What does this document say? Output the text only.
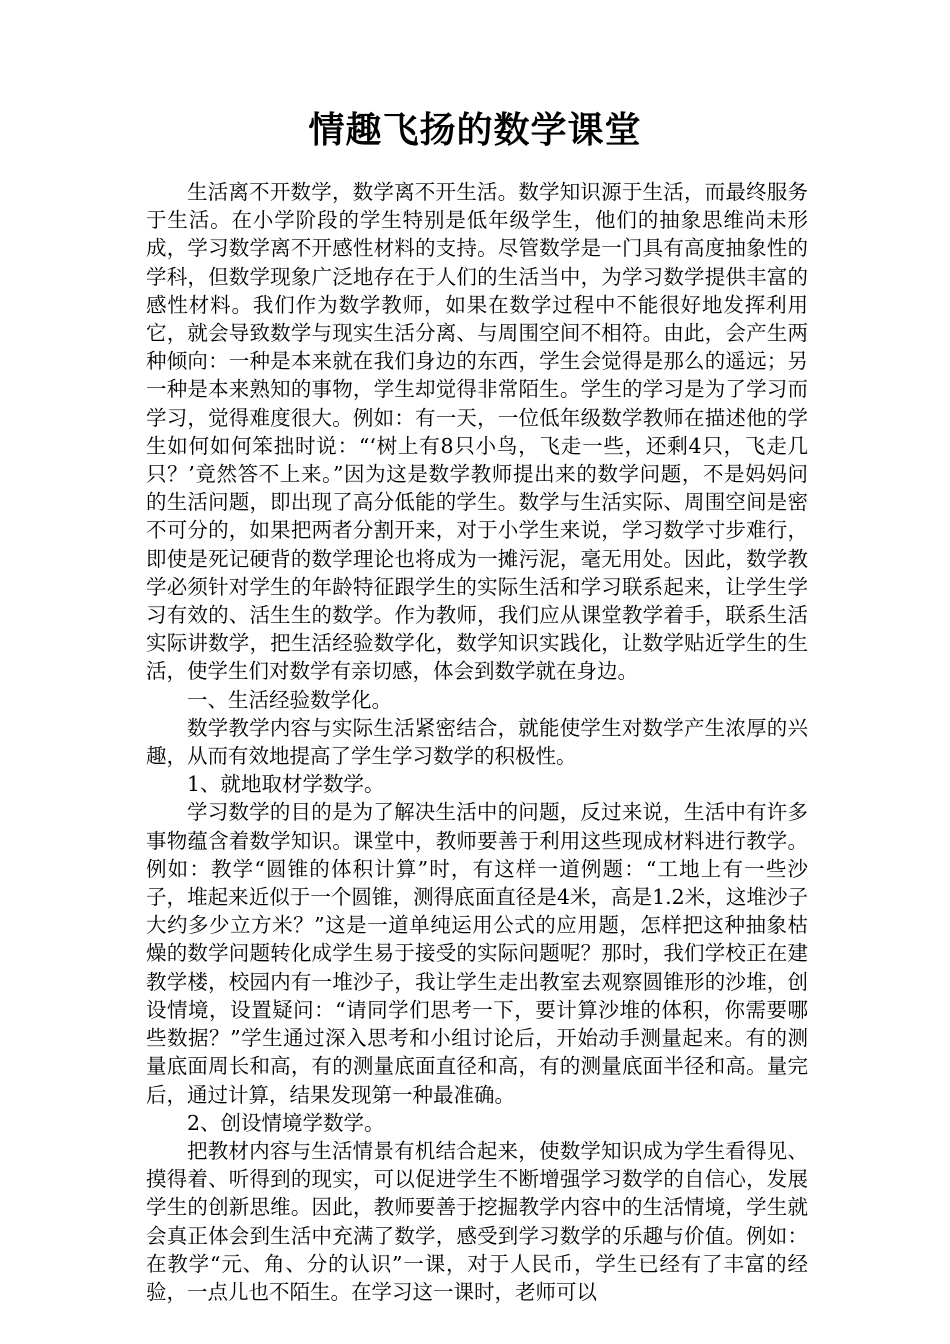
情趣飞扬的数学课堂

生活离不开数学，数学离不开生活。数学知识源于生活，而最终服务于生活。在小学阶段的学生特别是低年级学生，他们的抽象思维尚未形成，学习数学离不开感性材料的支持。尽管数学是一门具有高度抽象性的学科，但数学现象广泛地存在于人们的生活当中，为学习数学提供丰富的感性材料。我们作为数学教师，如果在数学过程中不能很好地发挥利用它，就会导致数学与现实生活分离、与周围空间不相符。由此，会产生两种倾向：一种是本来就在我们身边的东西，学生会觉得是那么的遥远；另一种是本来熟知的事物，学生却觉得非常陌生。学生的学习是为了学习而学习，觉得难度很大。例如：有一天，一位低年级数学教师在描述他的学生如何如何笨拙时说：“‘树上有8只小鸟，飞走一些，还剩4只，飞走几只？’竟然答不上来。”因为这是数学教师提出来的数学问题，不是妈妈问的生活问题，即出现了高分低能的学生。数学与生活实际、周围空间是密不可分的，如果把两者分割开来，对于小学生来说，学习数学寸步难行，即使是死记硬背的数学理论也将成为一摊污泥，毫无用处。因此，数学教学必须针对学生的年龄特征跟学生的实际生活和学习联系起来，让学生学习有效的、活生生的数学。作为教师，我们应从课堂教学着手，联系生活实际讲数学，把生活经验数学化，数学知识实践化，让数学贴近学生的生活，使学生们对数学有亲切感，体会到数学就在身边。

一、生活经验数学化。

数学教学内容与实际生活紧密结合，就能使学生对数学产生浓厚的兴趣，从而有效地提高了学生学习数学的积极性。

1、就地取材学数学。

学习数学的目的是为了解决生活中的问题，反过来说，生活中有许多事物蕴含着数学知识。课堂中，教师要善于利用这些现成材料进行教学。例如：教学“圆锥的体积计算”时，有这样一道例题：“工地上有一些沙子，堆起来近似于一个圆锥，测得底面直径是4米，高是1.2米，这堆沙子大约多少立方米？”这是一道单纯运用公式的应用题，怎样把这种抽象枯燥的数学问题转化成学生易于接受的实际问题呢？那时，我们学校正在建教学楼，校园内有一堆沙子，我让学生走出教室去观察圆锥形的沙堆，创设情境，设置疑问：“请同学们思考一下，要计算沙堆的体积，你需要哪些数据？”学生通过深入思考和小组讨论后，开始动手测量起来。有的测量底面周长和高，有的测量底面直径和高，有的测量底面半径和高。量完后，通过计算，结果发现第一种最准确。

2、创设情境学数学。

把教材内容与生活情景有机结合起来，使数学知识成为学生看得见、摸得着、听得到的现实，可以促进学生不断增强学习数学的自信心，发展学生的创新思维。因此，教师要善于挖掘教学内容中的生活情境，学生就会真正体会到生活中充满了数学，感受到学习数学的乐趣与价值。例如：在教学“元、角、分的认识”一课，对于人民币，学生已经有了丰富的经验，一点儿也不陌生。在学习这一课时，老师可以
